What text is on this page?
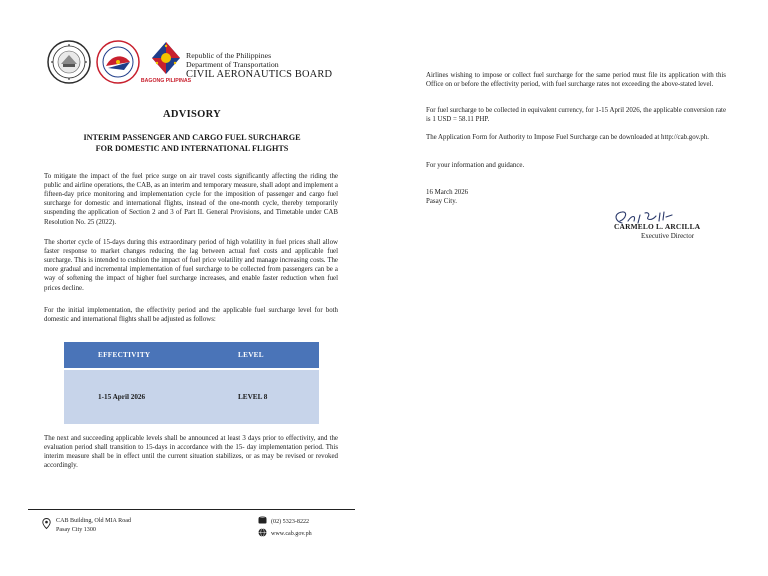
BAGONG PILIPINAS
Republic of the Philippines
Department of Transportation
CIVIL AERONAUTICS BOARD
ADVISORY
INTERIM PASSENGER AND CARGO FUEL SURCHARGE
FOR DOMESTIC AND INTERNATIONAL FLIGHTS
To mitigate the impact of the fuel price surge on air travel costs significantly affecting the riding the public and airline operations, the CAB, as an interim and temporary measure, shall adopt and implement a fifteen-day price monitoring and implementation cycle for the imposition of passenger and cargo fuel surcharge for domestic and international flights, instead of the one-month cycle, thereby temporarily suspending the application of Section 2 and 3 of Part II. General Provisions, and Timetable under CAB Resolution No. 25 (2022).
The shorter cycle of 15-days during this extraordinary period of high volatility in fuel prices shall allow faster response to market changes reducing the lag between actual fuel costs and applicable fuel surcharge. This is intended to cushion the impact of fuel price volatility and manage increasing costs. The more gradual and incremental implementation of fuel surcharge to be collected from passengers can be a way of softening the impact of higher fuel surcharge increases, and enable faster reduction when fuel prices decline.
For the initial implementation, the effectivity period and the applicable fuel surcharge level for both domestic and international flights shall be adjusted as follows:
EFFECTIVITY	LEVEL
1-15 April 2026	LEVEL 8
The next and succeeding applicable levels shall be announced at least 3 days prior to effectivity, and the evaluation period shall transition to 15-days in accordance with the 15- day implementation period. This interim measure shall be in effect until the current situation stabilizes, or as may be revised or revoked accordingly.
CAB Building, Old MIA Road
Pasay City 1300
(02) 5323-8222
www.cab.gov.ph
Airlines wishing to impose or collect fuel surcharge for the same period must file its application with this Office on or before the effectivity period, with fuel surcharge rates not exceeding the above-stated level.
For fuel surcharge to be collected in equivalent currency, for 1-15 April 2026, the applicable conversion rate is 1 USD = 58.11 PHP.
The Application Form for Authority to Impose Fuel Surcharge can be downloaded at http://cab.gov.ph.
For your information and guidance.
16 March 2026
Pasay City.
CARMELO L. ARCILLA
Executive Director
